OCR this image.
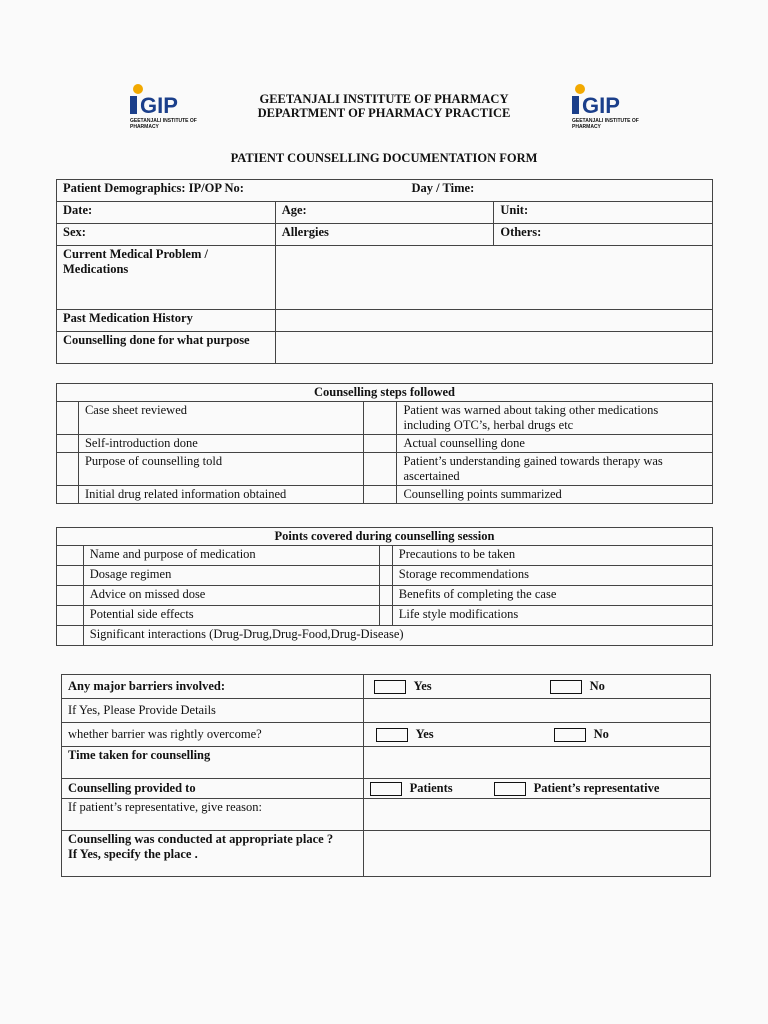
GIP
GEETANJALI INSTITUTE OF
PHARMACY
GIP
GEETANJALI INSTITUTE OF
PHARMACY
GEETANJALI INSTITUTE OF PHARMACY
DEPARTMENT OF PHARMACY PRACTICE
PATIENT COUNSELLING DOCUMENTATION FORM
Patient Demographics: IP/OP No: Day / Time:		

Date:	Age:	Unit:
Sex:	Allergies	Others:
Current Medical Problem / Medications		
Past Medication History		
Counselling done for what purpose		
Counselling steps followed			
	Case sheet reviewed		Patient was warned about taking other medications including OTC’s, herbal drugs etc
	Self-introduction done		Actual counselling done
	Purpose of counselling told		Patient’s understanding gained towards therapy was ascertained
	Initial drug related information obtained		Counselling points summarized
Points covered during counselling session			
	Name and purpose of medication		Precautions to be taken
	Dosage regimen		Storage recommendations
	Advice on missed dose		Benefits of completing the case
	Potential side effects		Life style modifications
	Significant interactions (Drug-Drug,Drug-Food,Drug-Disease)		
Any major barriers involved:	Yes No

If Yes, Please Provide Details	
whether barrier was rightly overcome?	Yes No

Time taken for counselling	
Counselling provided to	Patients Patient’s representative

If patient’s representative, give reason:	

Counselling was conducted at appropriate place ?
If Yes, specify the place .	
